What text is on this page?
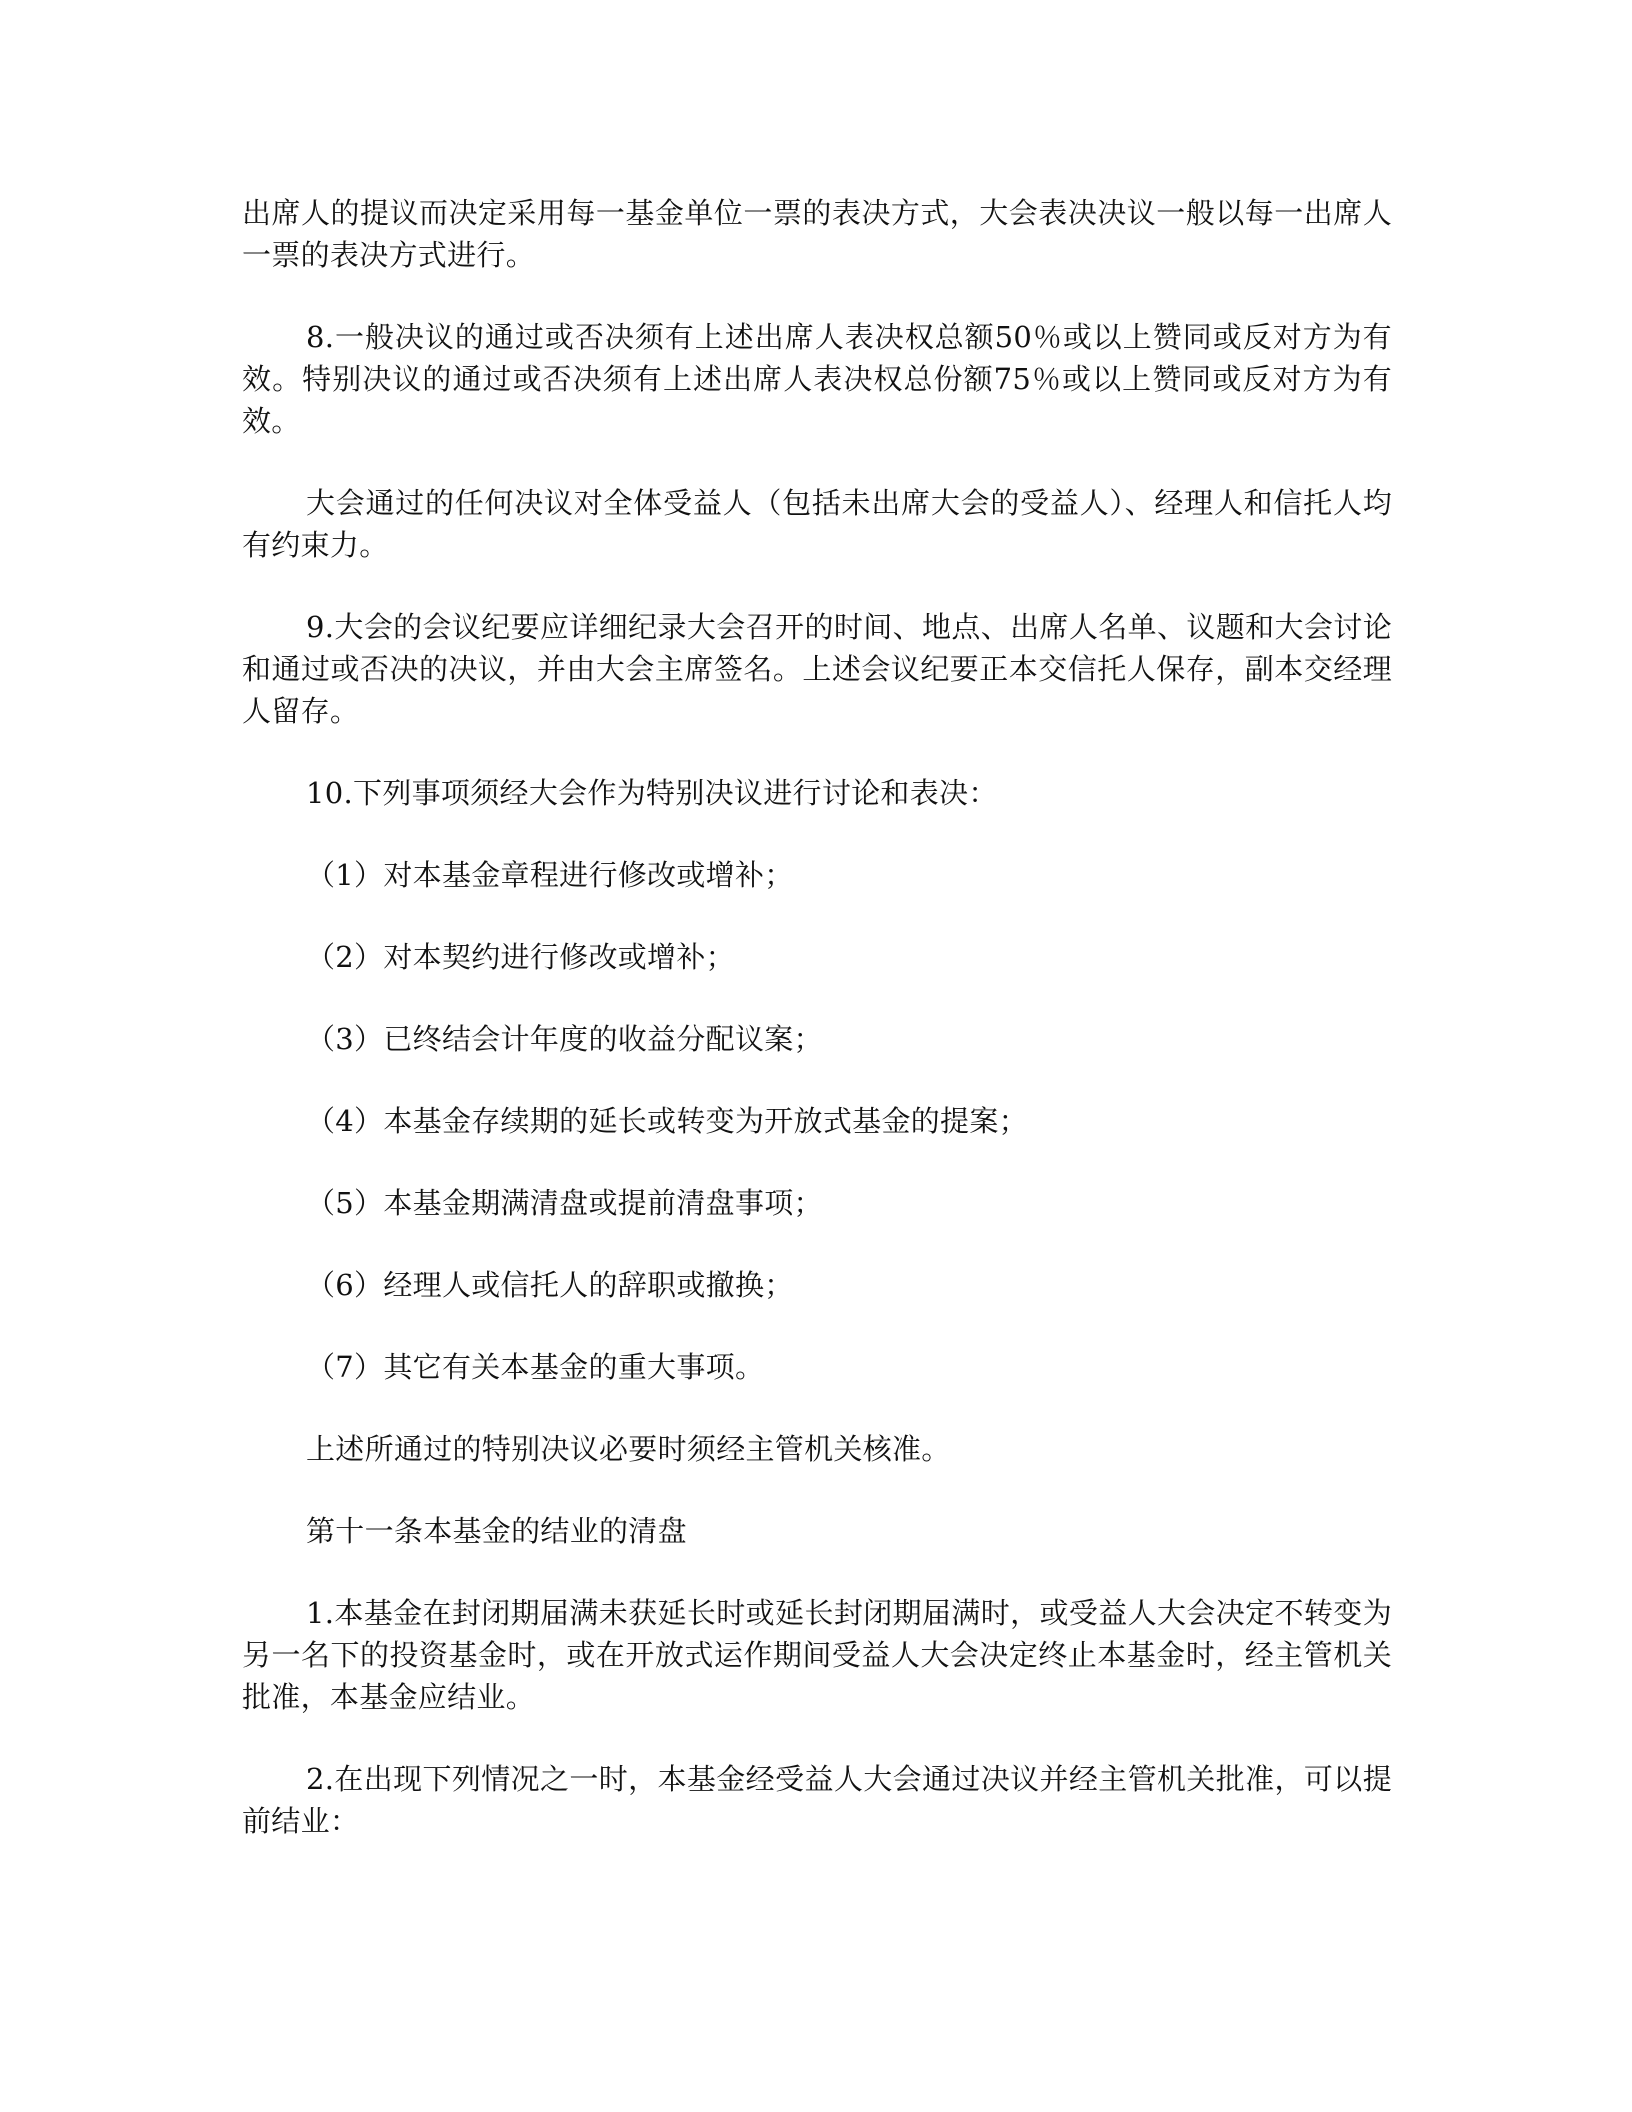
出席人的提议而决定采用每一基金单位一票的表决方式，大会表决决议一般以每一出席人一票的表决方式进行。

8.一般决议的通过或否决须有上述出席人表决权总额50％或以上赞同或反对方为有效。特别决议的通过或否决须有上述出席人表决权总份额75％或以上赞同或反对方为有效。

大会通过的任何决议对全体受益人（包括未出席大会的受益人）、经理人和信托人均有约束力。

9.大会的会议纪要应详细纪录大会召开的时间、地点、出席人名单、议题和大会讨论和通过或否决的决议，并由大会主席签名。上述会议纪要正本交信托人保存，副本交经理人留存。

10.下列事项须经大会作为特别决议进行讨论和表决：

（1）对本基金章程进行修改或增补；

（2）对本契约进行修改或增补；

（3）已终结会计年度的收益分配议案；

（4）本基金存续期的延长或转变为开放式基金的提案；

（5）本基金期满清盘或提前清盘事项；

（6）经理人或信托人的辞职或撤换；

（7）其它有关本基金的重大事项。

上述所通过的特别决议必要时须经主管机关核准。

第十一条本基金的结业的清盘

1.本基金在封闭期届满未获延长时或延长封闭期届满时，或受益人大会决定不转变为另一名下的投资基金时，或在开放式运作期间受益人大会决定终止本基金时，经主管机关批准，本基金应结业。

2.在出现下列情况之一时，本基金经受益人大会通过决议并经主管机关批准，可以提前结业：
